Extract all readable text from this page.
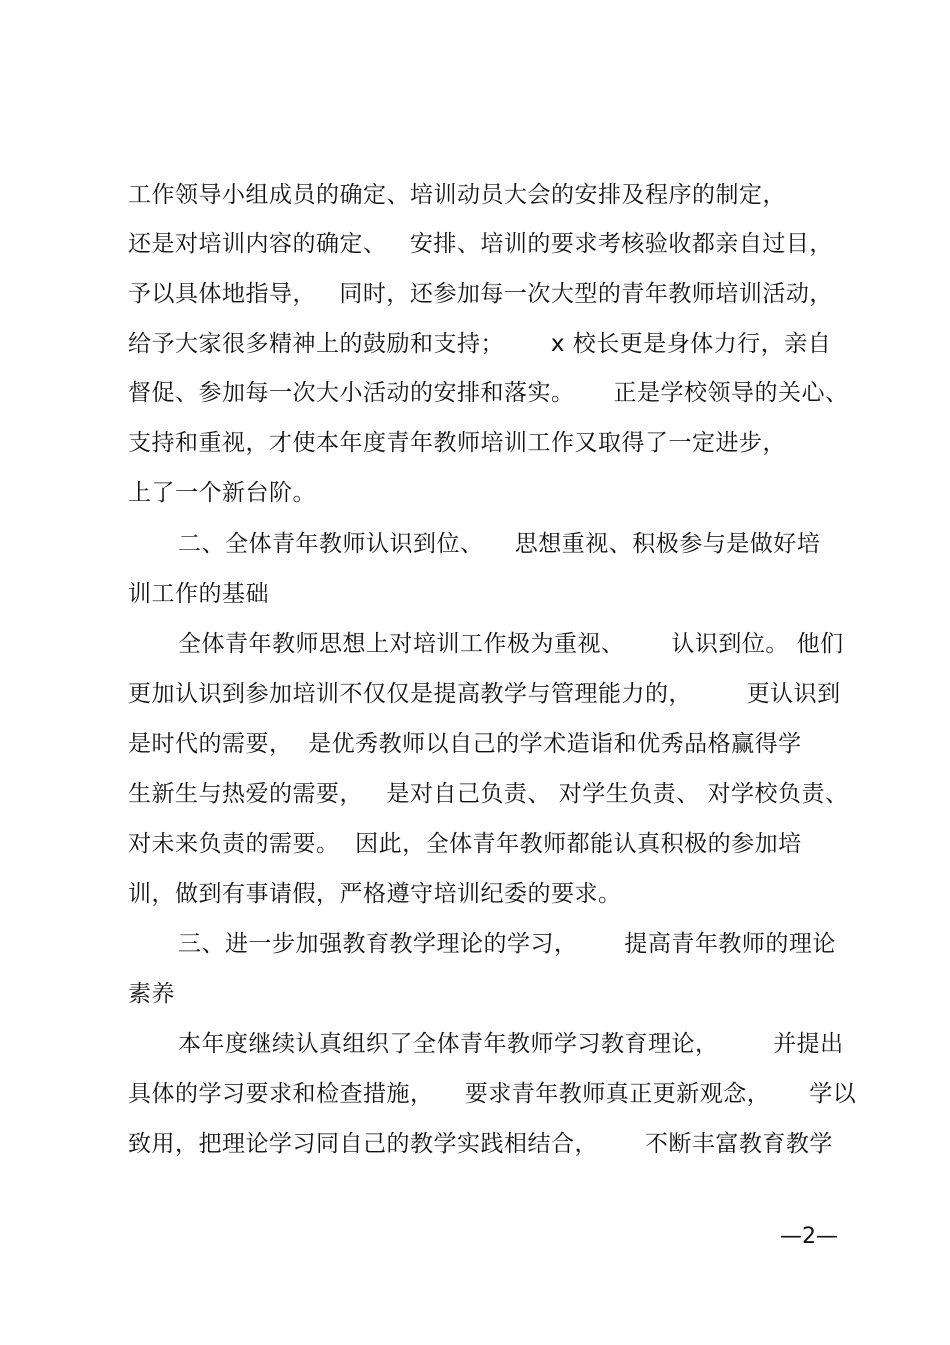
工作领导小组成员的确定、培训动员大会的安排及程序的制定，
还是对培训内容的确定、   安排、培训的要求考核验收都亲自过目，
予以具体地指导，   同时，还参加每一次大型的青年教师培训活动，
给予大家很多精神上的鼓励和支持；      x 校长更是身体力行，亲自
督促、参加每一次大小活动的安排和落实。     正是学校领导的关心、
支持和重视，才使本年度青年教师培训工作又取得了一定进步，
上了一个新台阶。
二、全体青年教师认识到位、    思想重视、积极参与是做好培
训工作的基础
全体青年教师思想上对培训工作极为重视、      认识到位。 他们
更加认识到参加培训不仅仅是提高教学与管理能力的，       更认识到
是时代的需要，  是优秀教师以自己的学术造诣和优秀品格赢得学
生新生与热爱的需要，   是对自己负责、 对学生负责、 对学校负责、
对未来负责的需要。  因此，全体青年教师都能认真积极的参加培
训，做到有事请假，严格遵守培训纪委的要求。
三、进一步加强教育教学理论的学习，      提高青年教师的理论
素养
本年度继续认真组织了全体青年教师学习教育理论，       并提出
具体的学习要求和检查措施，    要求青年教师真正更新观念，     学以
致用，把理论学习同自己的教学实践相结合，      不断丰富教育教学
—2—
